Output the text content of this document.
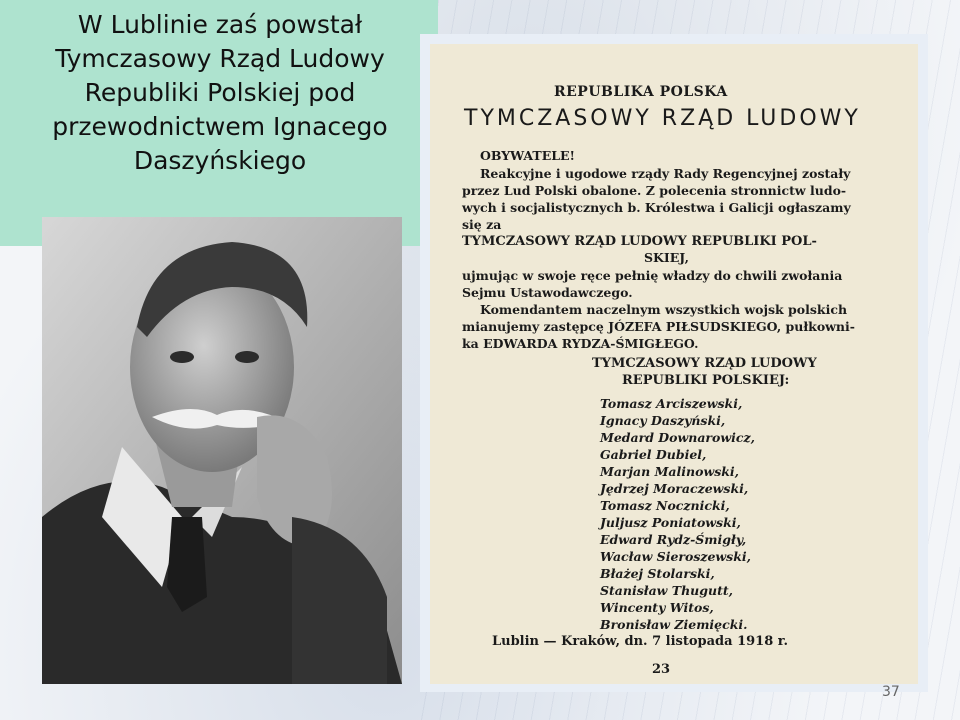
W Lublinie zaś powstał
Tymczasowy Rząd Ludowy
Republiki Polskiej pod
przewodnictwem Ignacego
Daszyńskiego
REPUBLIKA POLSKA
TYMCZASOWY RZĄD LUDOWY
OBYWATELE!
Reakcyjne i ugodowe rządy Rady Regencyjnej zostały
przez Lud Polski obalone. Z polecenia stronnictw ludo-
wych i socjalistycznych b. Królestwa i Galicji ogłaszamy
się za
TYMCZASOWY RZĄD LUDOWY REPUBLIKI POL-
SKIEJ,
ujmując w swoje ręce pełnię władzy do chwili zwołania
Sejmu Ustawodawczego.
Komendantem naczelnym wszystkich wojsk polskich
mianujemy zastępcę JÓZEFA PIŁSUDSKIEGO, pułkowni-
ka EDWARDA RYDZA-ŚMIGŁEGO.
TYMCZASOWY RZĄD LUDOWY
REPUBLIKI POLSKIEJ:
Tomasz Arciszewski,
Ignacy Daszyński,
Medard Downarowicz,
Gabriel Dubiel,
Marjan Malinowski,
Jędrzej Moraczewski,
Tomasz Nocznicki,
Juljusz Poniatowski,
Edward Rydz-Śmigły,
Wacław Sieroszewski,
Błażej Stolarski,
Stanisław Thugutt,
Wincenty Witos,
Bronisław Ziemięcki.
Lublin — Kraków, dn. 7 listopada 1918 r.
23
37
